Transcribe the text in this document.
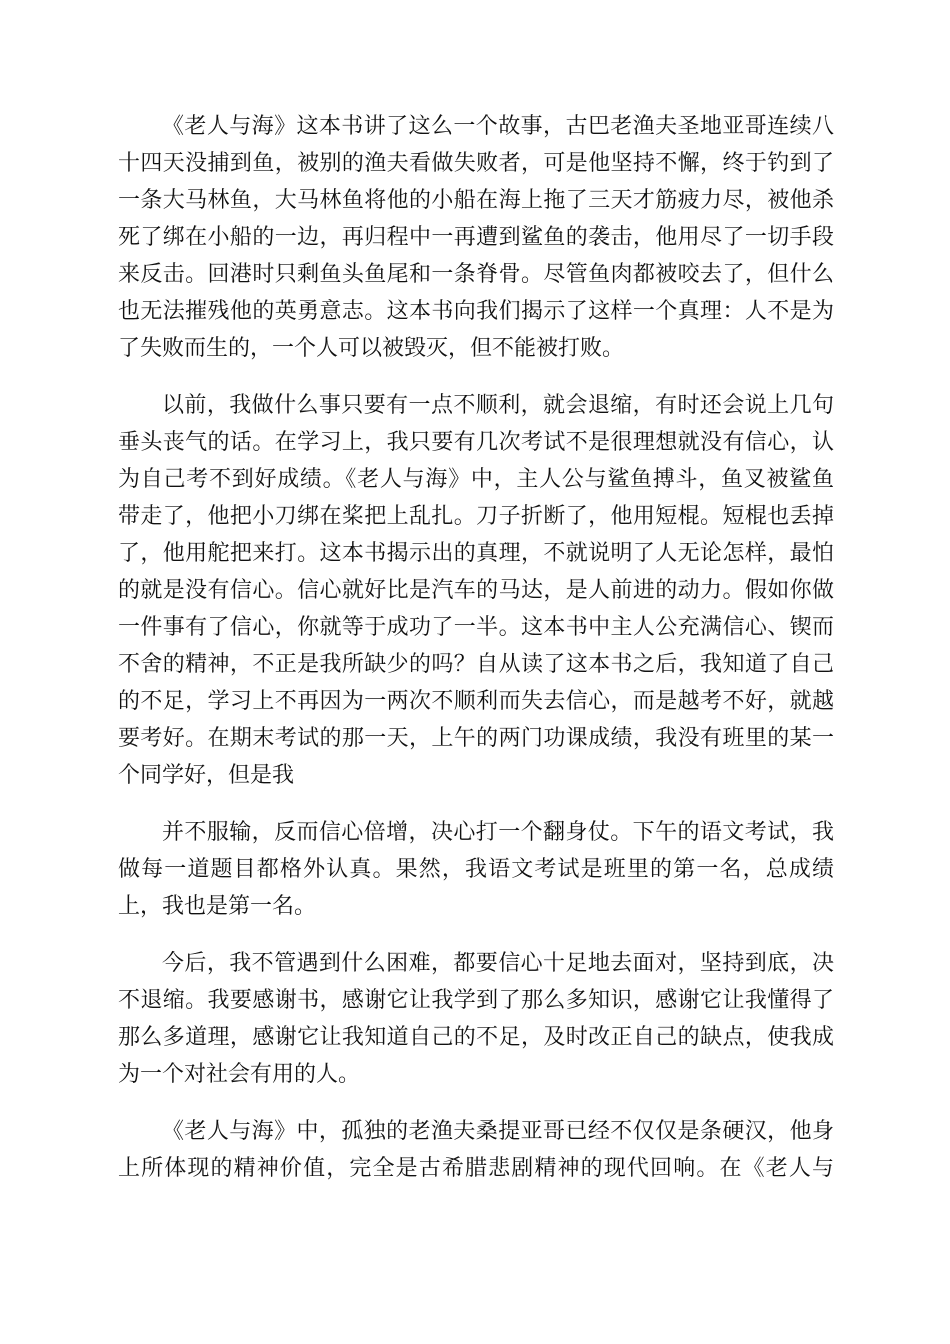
《老人与海》这本书讲了这么一个故事，古巴老渔夫圣地亚哥连续八
十四天没捕到鱼，被别的渔夫看做失败者，可是他坚持不懈，终于钓到了
一条大马林鱼，大马林鱼将他的小船在海上拖了三天才筋疲力尽，被他杀
死了绑在小船的一边，再归程中一再遭到鲨鱼的袭击，他用尽了一切手段
来反击。回港时只剩鱼头鱼尾和一条脊骨。尽管鱼肉都被咬去了，但什么
也无法摧残他的英勇意志。这本书向我们揭示了这样一个真理：人不是为
了失败而生的，一个人可以被毁灭，但不能被打败。
以前，我做什么事只要有一点不顺利，就会退缩，有时还会说上几句
垂头丧气的话。在学习上，我只要有几次考试不是很理想就没有信心，认
为自己考不到好成绩。《老人与海》中，主人公与鲨鱼搏斗，鱼叉被鲨鱼
带走了，他把小刀绑在桨把上乱扎。刀子折断了，他用短棍。短棍也丢掉
了，他用舵把来打。这本书揭示出的真理，不就说明了人无论怎样，最怕
的就是没有信心。信心就好比是汽车的马达，是人前进的动力。假如你做
一件事有了信心，你就等于成功了一半。这本书中主人公充满信心、锲而
不舍的精神，不正是我所缺少的吗？自从读了这本书之后，我知道了自己
的不足，学习上不再因为一两次不顺利而失去信心，而是越考不好，就越
要考好。在期末考试的那一天，上午的两门功课成绩，我没有班里的某一
个同学好，但是我
并不服输，反而信心倍增，决心打一个翻身仗。下午的语文考试，我
做每一道题目都格外认真。果然，我语文考试是班里的第一名，总成绩
上，我也是第一名。
今后，我不管遇到什么困难，都要信心十足地去面对，坚持到底，决
不退缩。我要感谢书，感谢它让我学到了那么多知识，感谢它让我懂得了
那么多道理，感谢它让我知道自己的不足，及时改正自己的缺点，使我成
为一个对社会有用的人。
《老人与海》中，孤独的老渔夫桑提亚哥已经不仅仅是条硬汉，他身
上所体现的精神价值，完全是古希腊悲剧精神的现代回响。在《老人与
